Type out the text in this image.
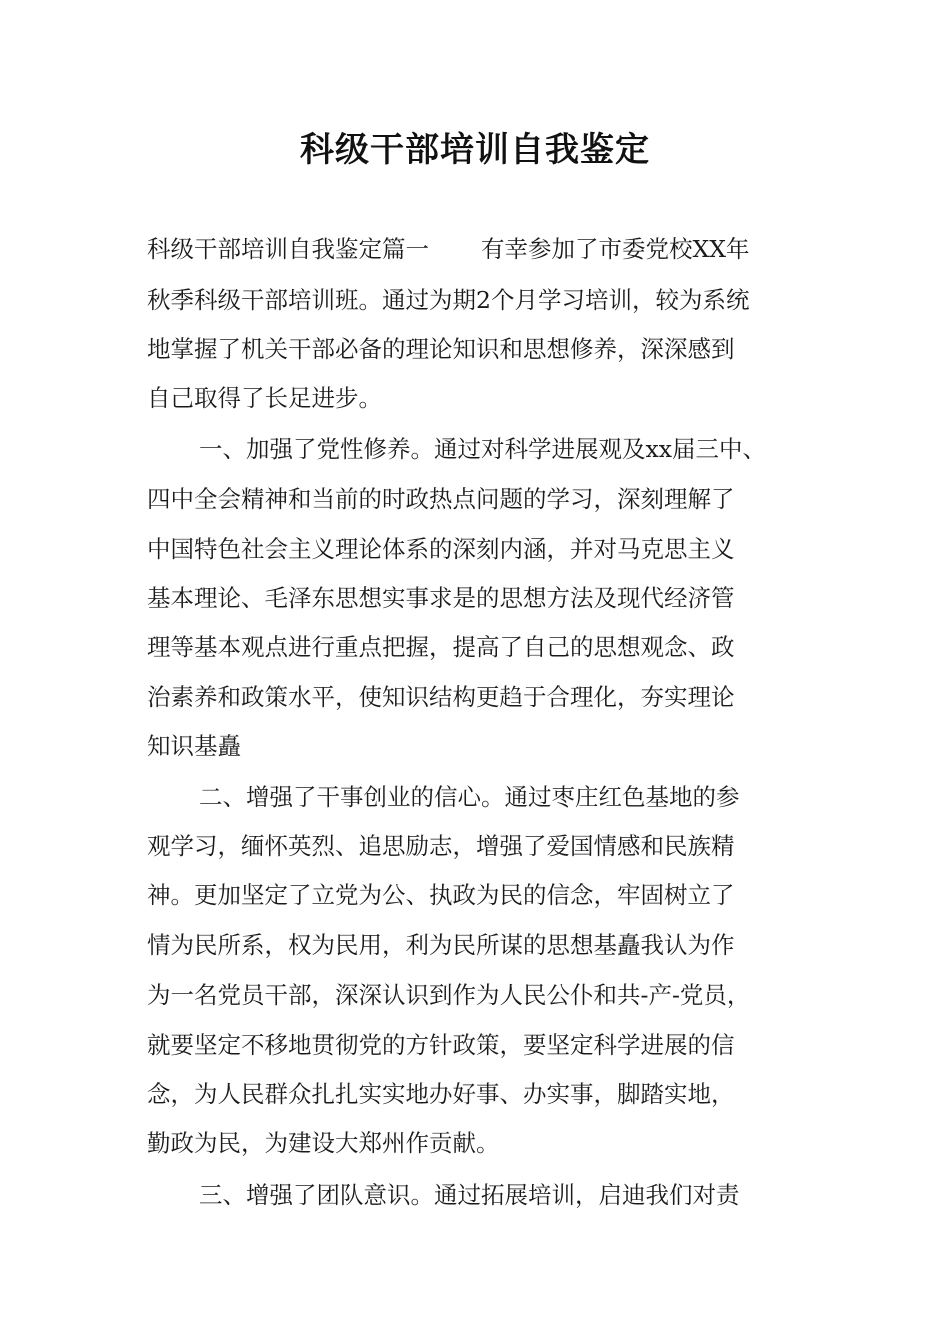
科级干部培训自我鉴定
科级干部培训自我鉴定篇一 有幸参加了市委党校XX年
秋季科级干部培训班。通过为期2个月学习培训，较为系统
地掌握了机关干部必备的理论知识和思想修养，深深感到
自己取得了长足进步。
一、加强了党性修养。通过对科学进展观及xx届三中、
四中全会精神和当前的时政热点问题的学习，深刻理解了
中国特色社会主义理论体系的深刻内涵，并对马克思主义
基本理论、毛泽东思想实事求是的思想方法及现代经济管
理等基本观点进行重点把握，提高了自己的思想观念、政
治素养和政策水平，使知识结构更趋于合理化，夯实理论
知识基矗
二、增强了干事创业的信心。通过枣庄红色基地的参
观学习，缅怀英烈、追思励志，增强了爱国情感和民族精
神。更加坚定了立党为公、执政为民的信念，牢固树立了
情为民所系，权为民用，利为民所谋的思想基矗我认为作
为一名党员干部，深深认识到作为人民公仆和共-产-党员，
就要坚定不移地贯彻党的方针政策，要坚定科学进展的信
念，为人民群众扎扎实实地办好事、办实事，脚踏实地，
勤政为民，为建设大郑州作贡献。
三、增强了团队意识。通过拓展培训，启迪我们对责
